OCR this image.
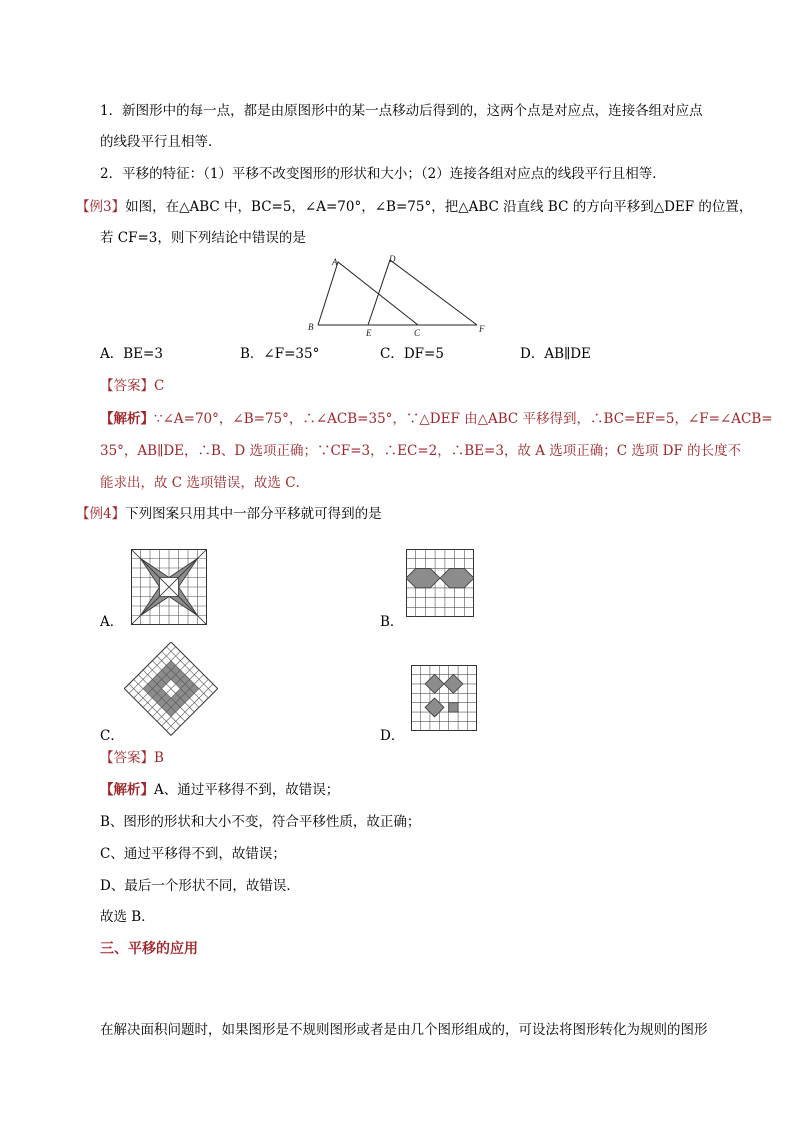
1．新图形中的每一点，都是由原图形中的某一点移动后得到的，这两个点是对应点，连接各组对应点
的线段平行且相等．
2．平移的特征：（1）平移不改变图形的形状和大小；（2）连接各组对应点的线段平行且相等．
【例3】如图，在△ABC 中，BC=5，∠A=70°，∠B=75°，把△ABC 沿直线 BC 的方向平移到△DEF 的位置，
若 CF=3，则下列结论中错误的是
A
B
C
D
E	F
A．BE=3	B．∠F=35°	C．DF=5	D．AB∥DE
【答案】C
【解析】∵∠A=70°，∠B=75°，∴∠ACB=35°，∵△DEF 由△ABC 平移得到，∴BC=EF=5，∠F=∠ACB=
35°，AB∥DE，∴B、D 选项正确；∵CF=3，∴EC=2，∴BE=3，故 A 选项正确；C 选项 DF 的长度不
能求出，故 C 选项错误，故选 C．
【例4】下列图案只用其中一部分平移就可得到的是
A．	B．
C．	D．
【答案】B
【解析】A、通过平移得不到，故错误；
B、图形的形状和大小不变，符合平移性质，故正确；
C、通过平移得不到，故错误；
D、最后一个形状不同，故错误．
故选 B．
三、平移的应用
在解决面积问题时，如果图形是不规则图形或者是由几个图形组成的，可设法将图形转化为规则的图形
